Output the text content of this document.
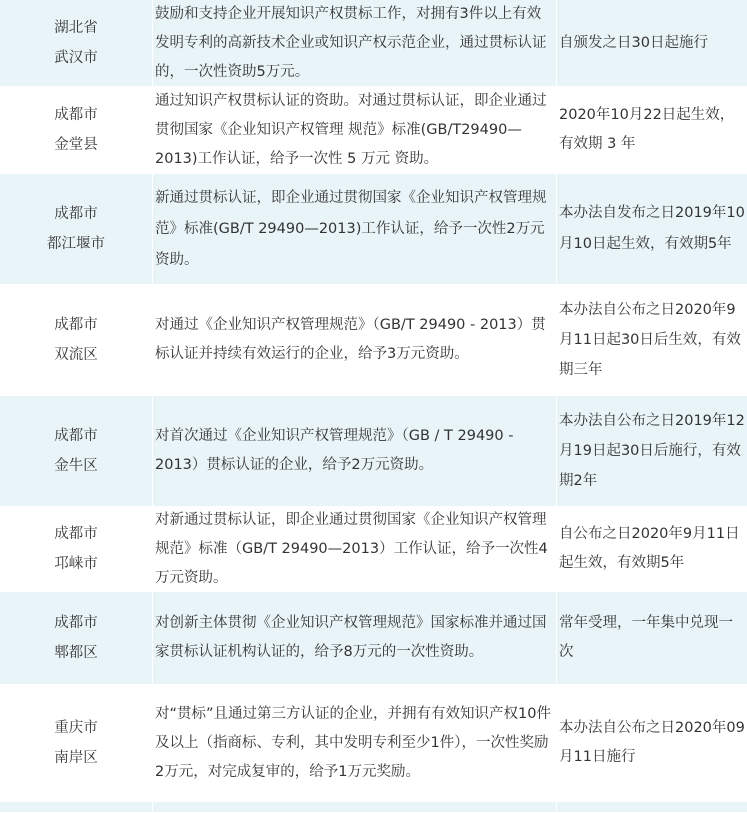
湖北省
武汉市
鼓励和支持企业开展知识产权贯标工作，对拥有3件以上有效发明专利的高新技术企业或知识产权示范企业，通过贯标认证的，一次性资助5万元。
自颁发之日30日起施行
成都市
金堂县
通过知识产权贯标认证的资助。对通过贯标认证，即企业通过贯彻国家《企业知识产权管理 规范》标准(GB/T29490—2013)工作认证，给予一次性 5 万元 资助。
2020年10月22日起生效，有效期 3 年
成都市
都江堰市
新通过贯标认证，即企业通过贯彻国家《企业知识产权管理规范》标准(GB/T 29490—2013)工作认证，给予一次性2万元资助。
本办法自发布之日2019年10月10日起生效，有效期5年
成都市
双流区
对通过《企业知识产权管理规范》（GB/T 29490 - 2013）贯标认证并持续有效运行的企业，给予3万元资助。
本办法自公布之日2020年9月11日起30日后生效，有效期三年
成都市
金牛区
对首次通过《企业知识产权管理规范》（GB / T 29490 - 2013）贯标认证的企业，给予2万元资助。
本办法自公布之日2019年12月19日起30日后施行，有效期2年
成都市
邛崃市
对新通过贯标认证，即企业通过贯彻国家《企业知识产权管理规范》标准（GB/T 29490—2013）工作认证，给予一次性4万元资助。
自公布之日2020年9月11日起生效，有效期5年
成都市
郫都区
对创新主体贯彻《企业知识产权管理规范》国家标准并通过国家贯标认证机构认证的，给予8万元的一次性资助。
常年受理，一年集中兑现一次
重庆市
南岸区
对“贯标”且通过第三方认证的企业，并拥有有效知识产权10件及以上（指商标、专利，其中发明专利至少1件），一次性奖励2万元，对完成复审的，给予1万元奖励。
本办法自公布之日2020年09月11日施行
